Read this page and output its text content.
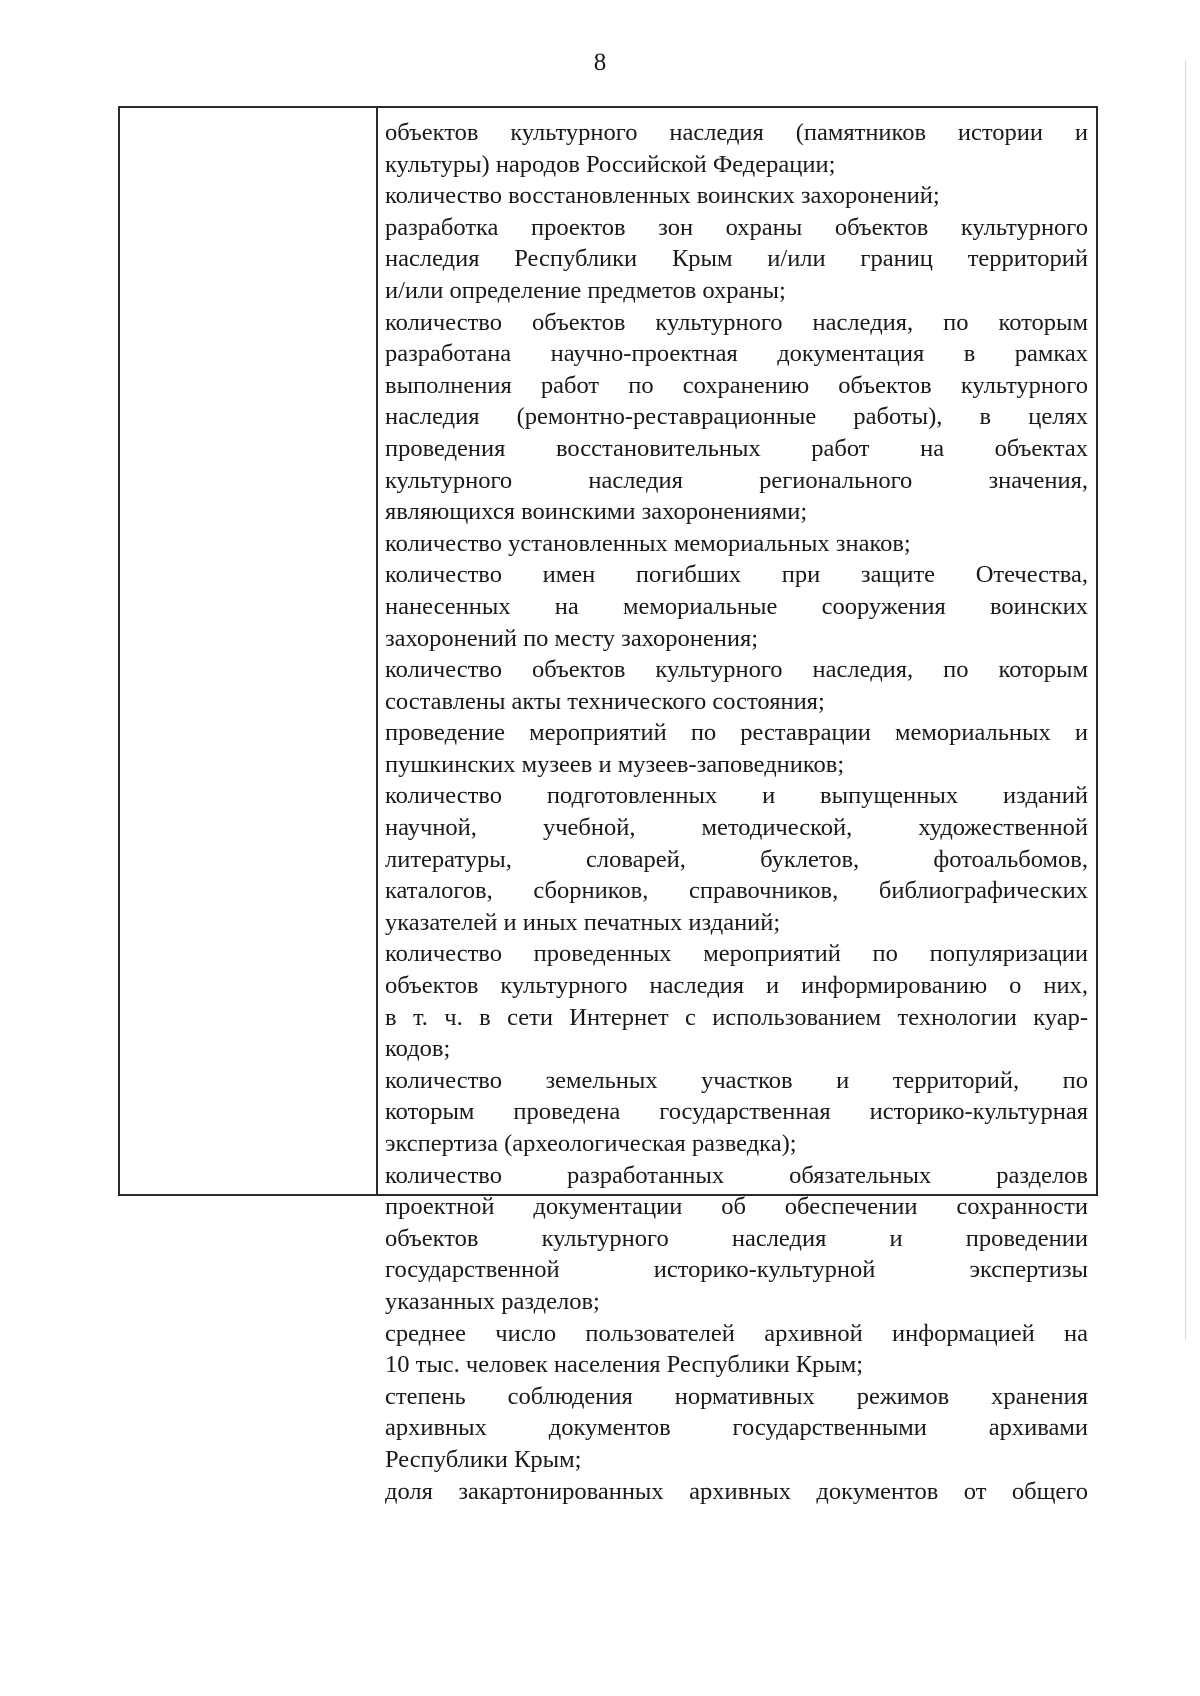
8
объектов культурного наследия (памятников истории и
культуры) народов Российской Федерации;
количество восстановленных воинских захоронений;
разработка проектов зон охраны объектов культурного
наследия Республики Крым и/или границ территорий
и/или определение предметов охраны;
количество объектов культурного наследия, по которым
разработана научно-проектная документация в рамках
выполнения работ по сохранению объектов культурного
наследия (ремонтно-реставрационные работы), в целях
проведения восстановительных работ на объектах
культурного наследия регионального значения,
являющихся воинскими захоронениями;
количество установленных мемориальных знаков;
количество имен погибших при защите Отечества,
нанесенных на мемориальные сооружения воинских
захоронений по месту захоронения;
количество объектов культурного наследия, по которым
составлены акты технического состояния;
проведение мероприятий по реставрации мемориальных и
пушкинских музеев и музеев-заповедников;
количество подготовленных и выпущенных изданий
научной, учебной, методической, художественной
литературы, словарей, буклетов, фотоальбомов,
каталогов, сборников, справочников, библиографических
указателей и иных печатных изданий;
количество проведенных мероприятий по популяризации
объектов культурного наследия и информированию о них,
в т. ч. в сети Интернет с использованием технологии куар-
кодов;
количество земельных участков и территорий, по
которым проведена государственная историко-культурная
экспертиза (археологическая разведка);
количество разработанных обязательных разделов
проектной документации об обеспечении сохранности
объектов культурного наследия и проведении
государственной историко-культурной экспертизы
указанных разделов;
среднее число пользователей архивной информацией на
10 тыс. человек населения Республики Крым;
степень соблюдения нормативных режимов хранения
архивных документов государственными архивами
Республики Крым;
доля закартонированных архивных документов от общего
